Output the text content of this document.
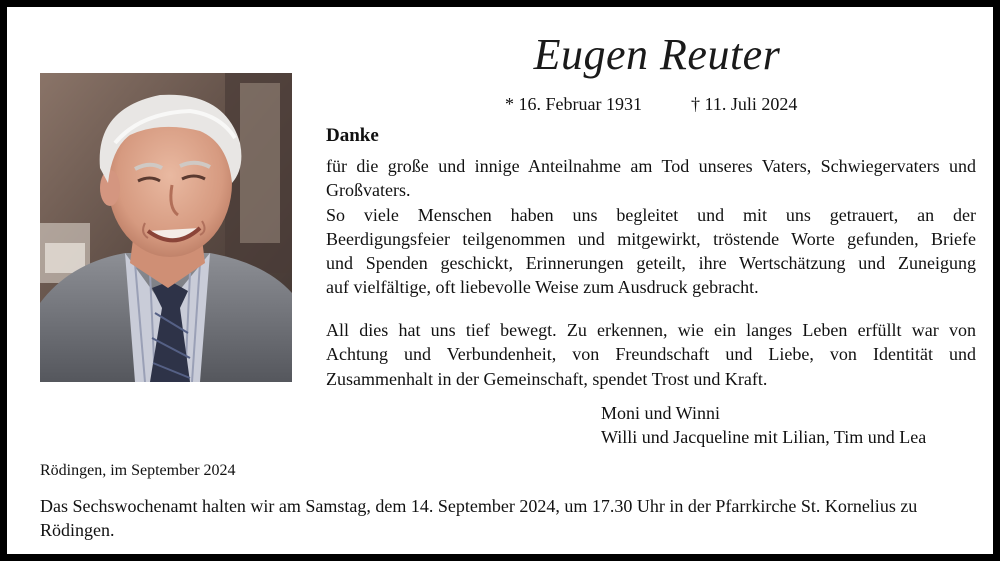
Eugen Reuter
* 16. Februar 1931	† 11. Juli 2024
Danke
für die große und innige Anteilnahme am Tod unseres Vaters, Schwiegervaters und
Großvaters.
So viele Menschen haben uns begleitet und mit uns getrauert, an der
Beerdigungsfeier teilgenommen und mitgewirkt, tröstende Worte gefunden, Briefe
und Spenden geschickt, Erinnerungen geteilt, ihre Wertschätzung und Zuneigung
auf vielfältige, oft liebevolle Weise zum Ausdruck gebracht.
All dies hat uns tief bewegt. Zu erkennen, wie ein langes Leben erfüllt war von
Achtung und Verbundenheit, von Freundschaft und Liebe, von Identität und
Zusammenhalt in der Gemeinschaft, spendet Trost und Kraft.
Moni und Winni
Willi und Jacqueline mit Lilian, Tim und Lea
Rödingen, im September 2024
Das Sechswochenamt halten wir am Samstag, dem 14. September 2024, um 17.30 Uhr in der Pfarrkirche St. Kornelius zu Rödingen.
